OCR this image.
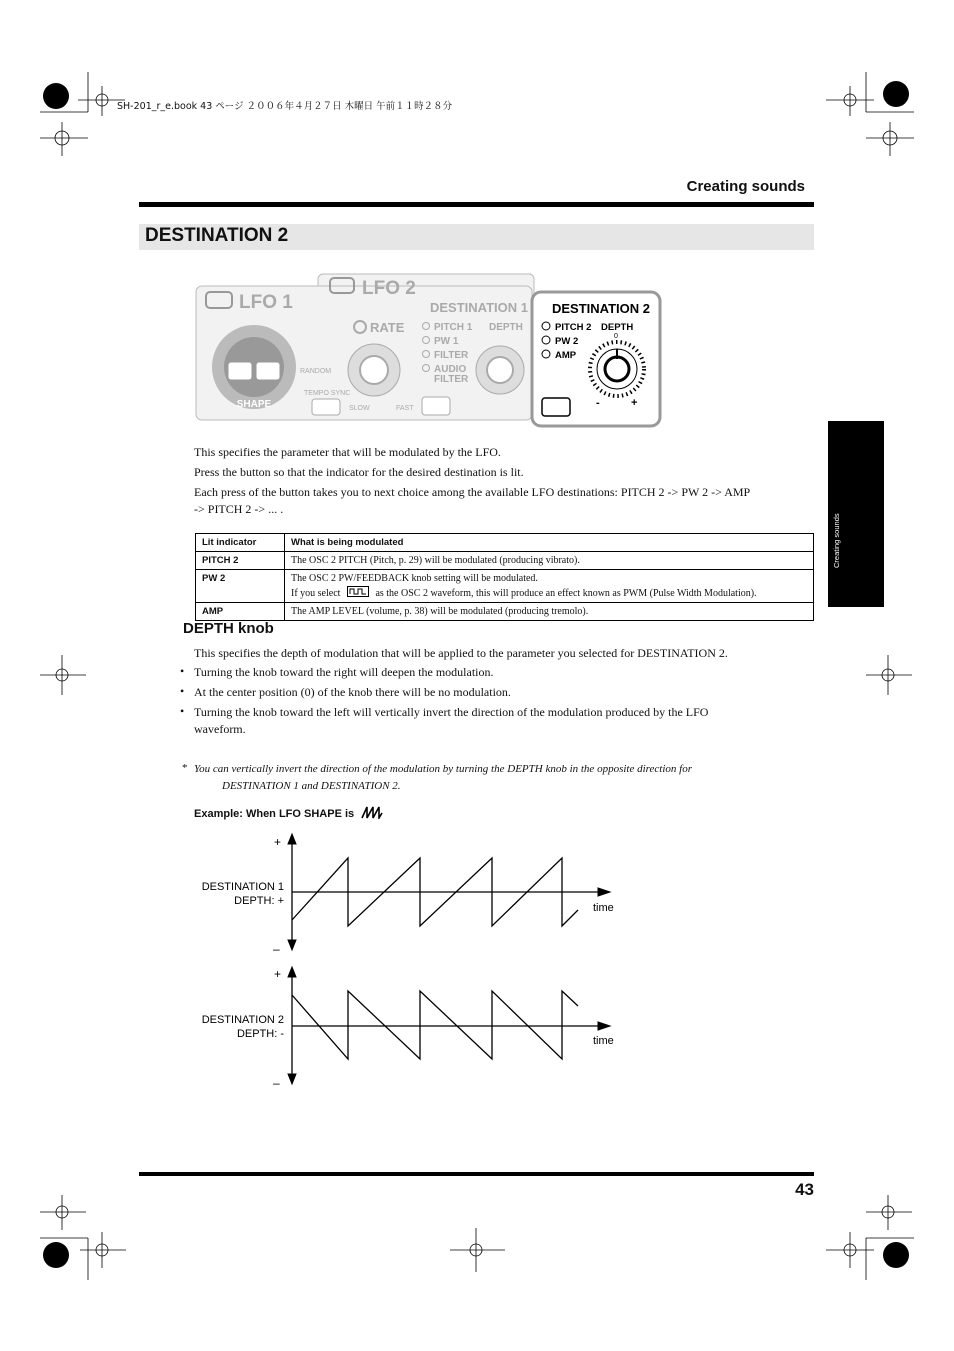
SH-201_r_e.book 43 ページ ２００６年４月２７日 木曜日 午前１１時２８分
Creating sounds
DESTINATION 2
LFO 1
LFO 2
SHAPE
RANDOM
TEMPO SYNC
RATE
SLOW	FAST
DESTINATION 1
PITCH 1
PW 1
FILTER
AUDIO
FILTER
DEPTH
DESTINATION 2
PITCH 2
PW 2
AMP
DEPTH
0
-	+
This specifies the parameter that will be modulated by the LFO.
Press the button so that the indicator for the desired destination is lit.
Each press of the button takes you to next choice among the available LFO destinations: PITCH 2 -> PW 2 -> AMP
-> PITCH 2 -> ... .
Lit indicator	What is being modulated
PITCH 2	The OSC 2 PITCH (Pitch, p. 29) will be modulated (producing vibrato).
PW 2	The OSC 2 PW/FEEDBACK knob setting will be modulated.
If you select as the OSC 2 waveform, this will produce an effect known as PWM (Pulse Width Modulation).

AMP	The AMP LEVEL (volume, p. 38) will be modulated (producing tremolo).
DEPTH knob
This specifies the depth of modulation that will be applied to the parameter you selected for DESTINATION 2.
• Turning the knob toward the right will deepen the modulation.
• At the center position (0) of the knob there will be no modulation.
• Turning the knob toward the left will vertically invert the direction of the modulation produced by the LFO
waveform.
* You can vertically invert the direction of the modulation by turning the DEPTH knob in the opposite direction for
DESTINATION 1 and DESTINATION 2.
Example: When LFO SHAPE is
+
–
DESTINATION 1
DEPTH: +
time
+
–
DESTINATION 2
DEPTH: -
time
Creating sounds
43
